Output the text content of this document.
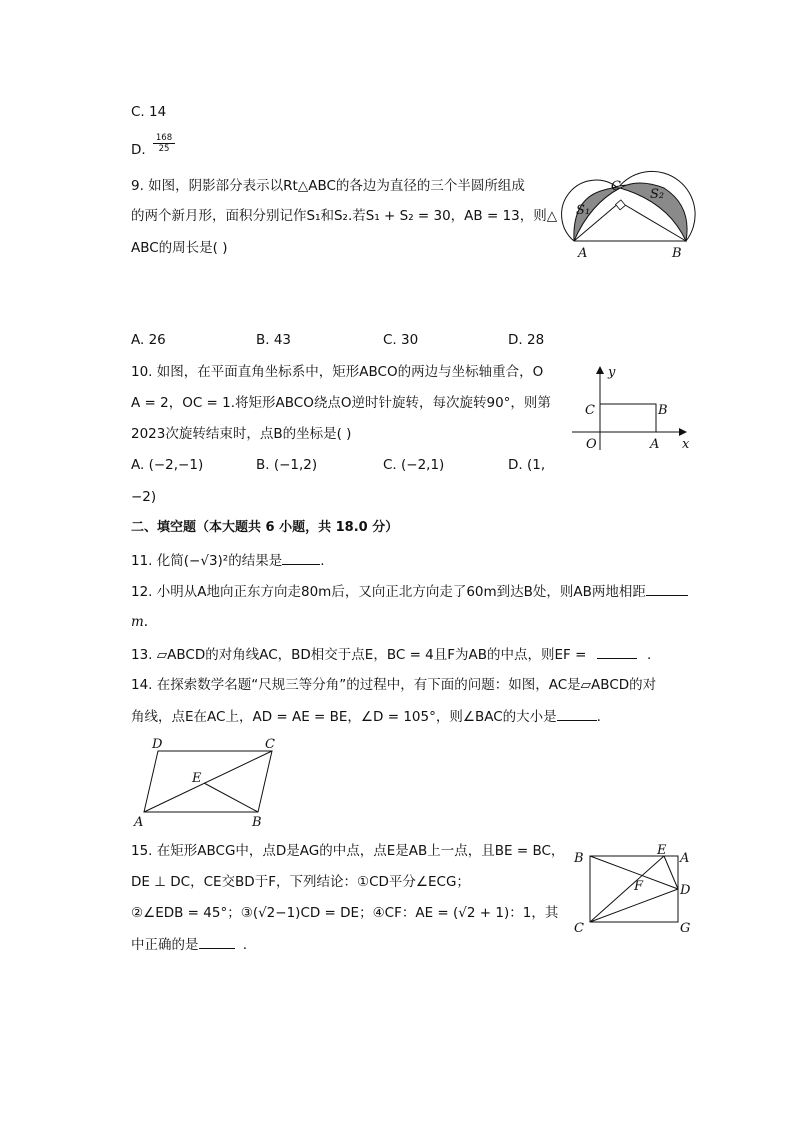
C. 14
D. $\frac{168}{25}$
9. 如图，阴影部分表示以Rt△ABC的各边为直径的三个半圆所组成
的两个新月形，面积分别记作S₁和S₂.若S₁ + S₂ = 30，AB = 13，则△
ABC的周长是( )	A	B
C
S₁
S₂
A. 26	B. 43	C. 30	D. 28
10. 如图，在平面直角坐标系中，矩形ABCO的两边与坐标轴重合，O
A = 2，OC = 1.将矩形ABCO绕点O逆时针旋转，每次旋转90°，则第
2023次旋转结束时，点B的坐标是( )
y
x
O	A
B
C
A. (−2,−1)	B. (−1,2)	C. (−2,1)	D. (1,
−2)
二、填空题（本大题共 6 小题，共 18.0 分）
11. 化简(−√3)²的结果是	.
12. 小明从A地向正东方向走80m后，又向正北方向走了60m到达B处，则AB两地相距
m.
13. ▱ABCD的对角线AC，BD相交于点E，BC = 4且F为AB的中点，则EF =	.
14. 在探索数学名题“尺规三等分角”的过程中，有下面的问题：如图，AC是▱ABCD的对
角线，点E在AC上，AD = AE = BE，∠D = 105°，则∠BAC的大小是	.
A	B
C
D
E
15. 在矩形ABCG中，点D是AG的中点，点E是AB上一点，且BE = BC，
DE ⊥ DC，CE交BD于F，下列结论：①CD平分∠ECG；
②∠EDB = 45°；③(√2−1)CD = DE；④CF：AE = (√2 + 1)：1，其
中正确的是	.
B
E
A
D
F
C	G
